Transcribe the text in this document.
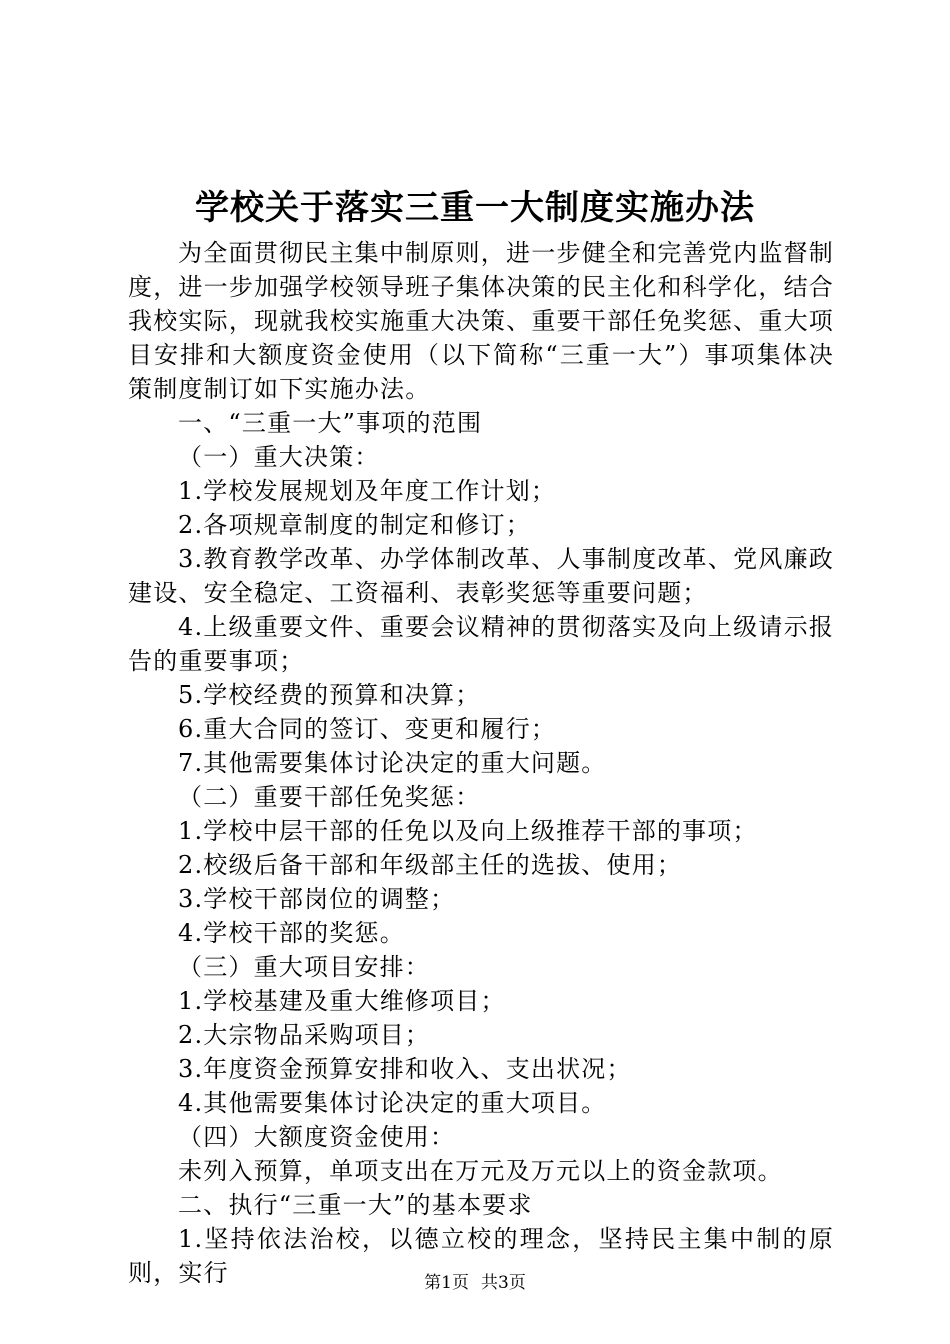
学校关于落实三重一大制度实施办法

为全面贯彻民主集中制原则，进一步健全和完善党内监督制度，进一步加强学校领导班子集体决策的民主化和科学化，结合我校实际，现就我校实施重大决策、重要干部任免奖惩、重大项目安排和大额度资金使用（以下简称“三重一大”）事项集体决策制度制订如下实施办法。

一、“三重一大”事项的范围

（一）重大决策：

1.学校发展规划及年度工作计划；

2.各项规章制度的制定和修订；

3.教育教学改革、办学体制改革、人事制度改革、党风廉政建设、安全稳定、工资福利、表彰奖惩等重要问题；

4.上级重要文件、重要会议精神的贯彻落实及向上级请示报告的重要事项；

5.学校经费的预算和决算；

6.重大合同的签订、变更和履行；

7.其他需要集体讨论决定的重大问题。

（二）重要干部任免奖惩：

1.学校中层干部的任免以及向上级推荐干部的事项；

2.校级后备干部和年级部主任的选拔、使用；

3.学校干部岗位的调整；

4.学校干部的奖惩。

（三）重大项目安排：

1.学校基建及重大维修项目；

2.大宗物品采购项目；

3.年度资金预算安排和收入、支出状况；

4.其他需要集体讨论决定的重大项目。

（四）大额度资金使用：

未列入预算，单项支出在万元及万元以上的资金款项。

二、执行“三重一大”的基本要求

1.坚持依法治校，以德立校的理念，坚持民主集中制的原则，实行	第1页 共3页
